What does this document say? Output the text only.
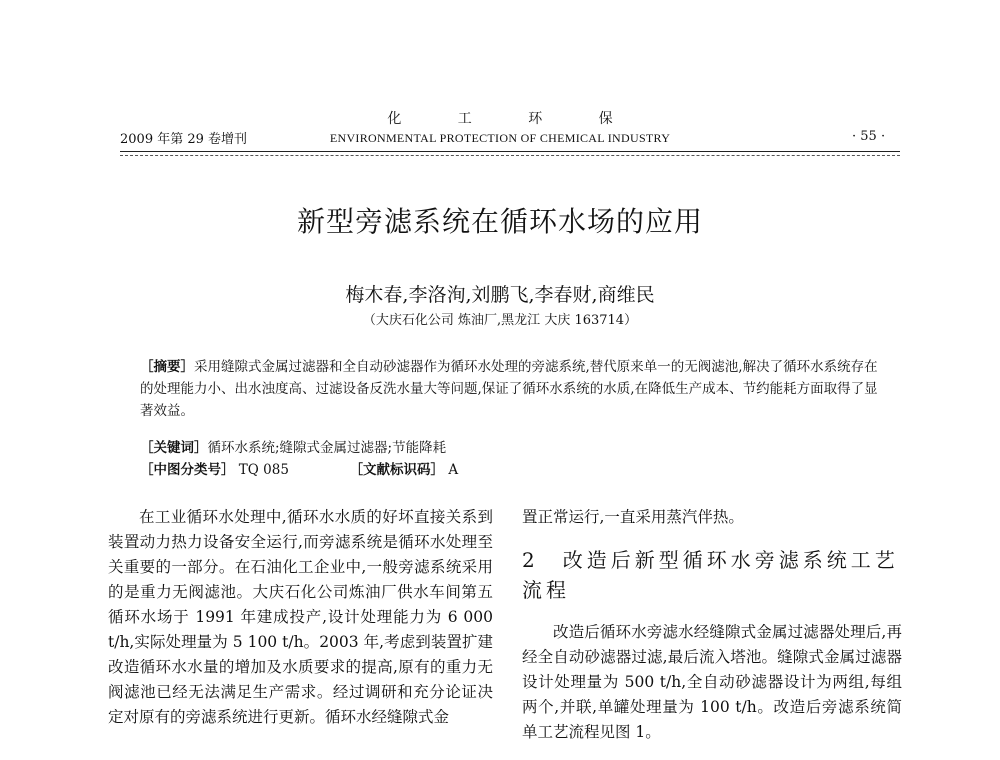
化 工 环 保
2009 年第 29 卷增刊	ENVIRONMENTAL PROTECTION OF CHEMICAL INDUSTRY	· 55 ·
新型旁滤系统在循环水场的应用
梅木春,李洛洵,刘鹏飞,李春财,商维民
（大庆石化公司 炼油厂,黑龙江 大庆 163714）
［摘要］采用缝隙式金属过滤器和全自动砂滤器作为循环水处理的旁滤系统,替代原来单一的无阀滤池,解决了循环水系统存在的处理能力小、出水浊度高、过滤设备反洗水量大等问题,保证了循环水系统的水质,在降低生产成本、节约能耗方面取得了显著效益。
［关键词］循环水系统;缝隙式金属过滤器;节能降耗
［中图分类号］ TQ 085	［文献标识码］ A

在工业循环水处理中,循环水水质的好坏直接关系到装置动力热力设备安全运行,而旁滤系统是循环水处理至关重要的一部分。在石油化工企业中,一般旁滤系统采用的是重力无阀滤池。大庆石化公司炼油厂供水车间第五循环水场于 1991 年建成投产,设计处理能力为 6 000 t/h,实际处理量为 5 100 t/h。2003 年,考虑到装置扩建改造循环水水量的增加及水质要求的提高,原有的重力无阀滤池已经无法满足生产需求。经过调研和充分论证决定对原有的旁滤系统进行更新。循环水经缝隙式金

置正常运行,一直采用蒸汽伴热。
2　改造后新型循环水旁滤系统工艺流程

改造后循环水旁滤水经缝隙式金属过滤器处理后,再经全自动砂滤器过滤,最后流入塔池。缝隙式金属过滤器设计处理量为 500 t/h,全自动砂滤器设计为两组,每组两个,并联,单罐处理量为 100 t/h。改造后旁滤系统简单工艺流程见图 1。
